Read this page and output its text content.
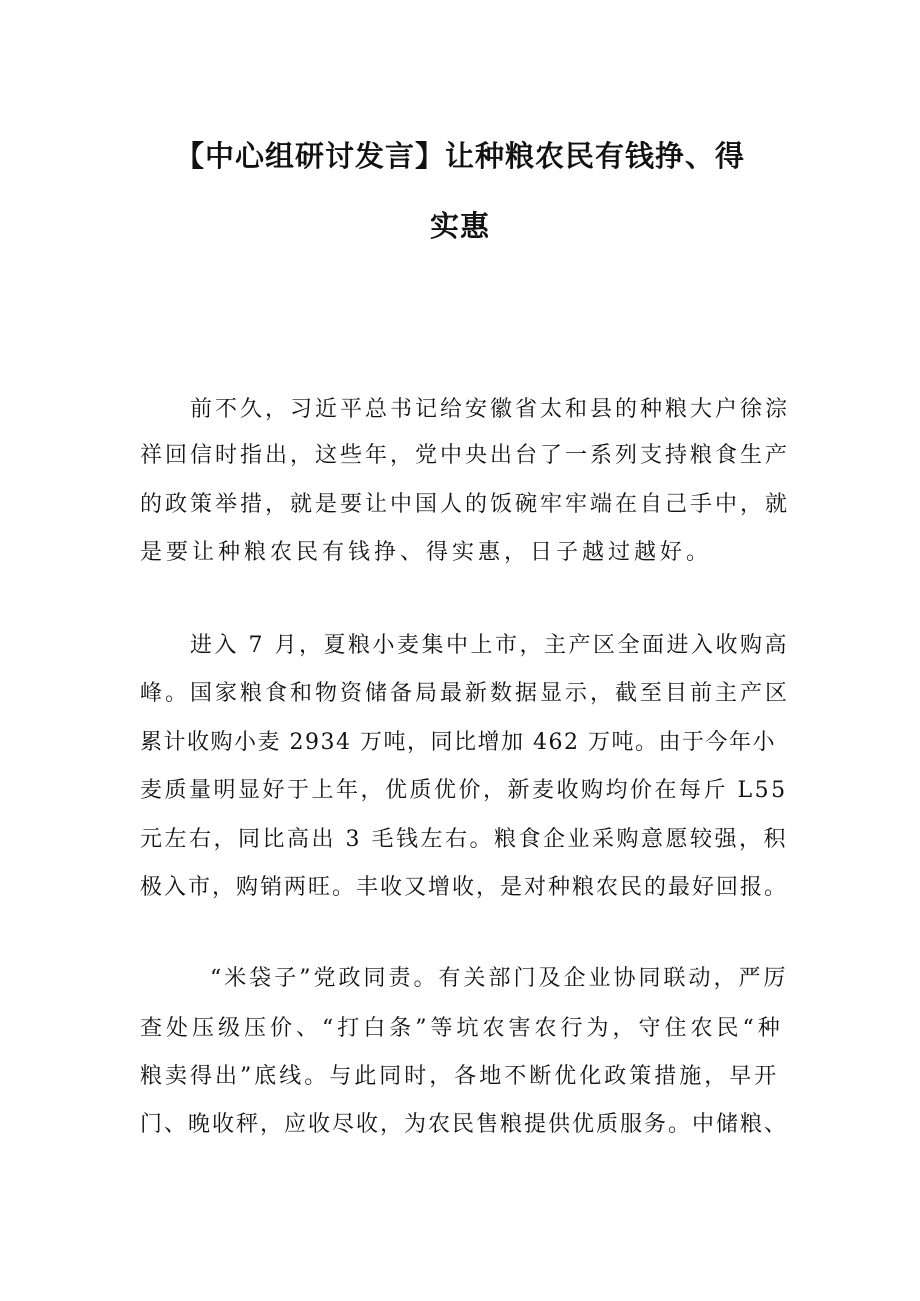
【中心组研讨发言】让种粮农民有钱挣、得
实惠
前不久，习近平总书记给安徽省太和县的种粮大户徐淙
祥回信时指出，这些年，党中央出台了一系列支持粮食生产
的政策举措，就是要让中国人的饭碗牢牢端在自己手中，就
是要让种粮农民有钱挣、得实惠，日子越过越好。
进入 7 月，夏粮小麦集中上市，主产区全面进入收购高
峰。国家粮食和物资储备局最新数据显示，截至目前主产区
累计收购小麦 2934 万吨，同比增加 462 万吨。由于今年小
麦质量明显好于上年，优质优价，新麦收购均价在每斤 L55
元左右，同比高出 3 毛钱左右。粮食企业采购意愿较强，积
极入市，购销两旺。丰收又增收，是对种粮农民的最好回报。
“米袋子”党政同责。有关部门及企业协同联动，严厉
查处压级压价、“打白条”等坑农害农行为，守住农民“种
粮卖得出”底线。与此同时，各地不断优化政策措施，早开
门、晚收秤，应收尽收，为农民售粮提供优质服务。中储粮、
